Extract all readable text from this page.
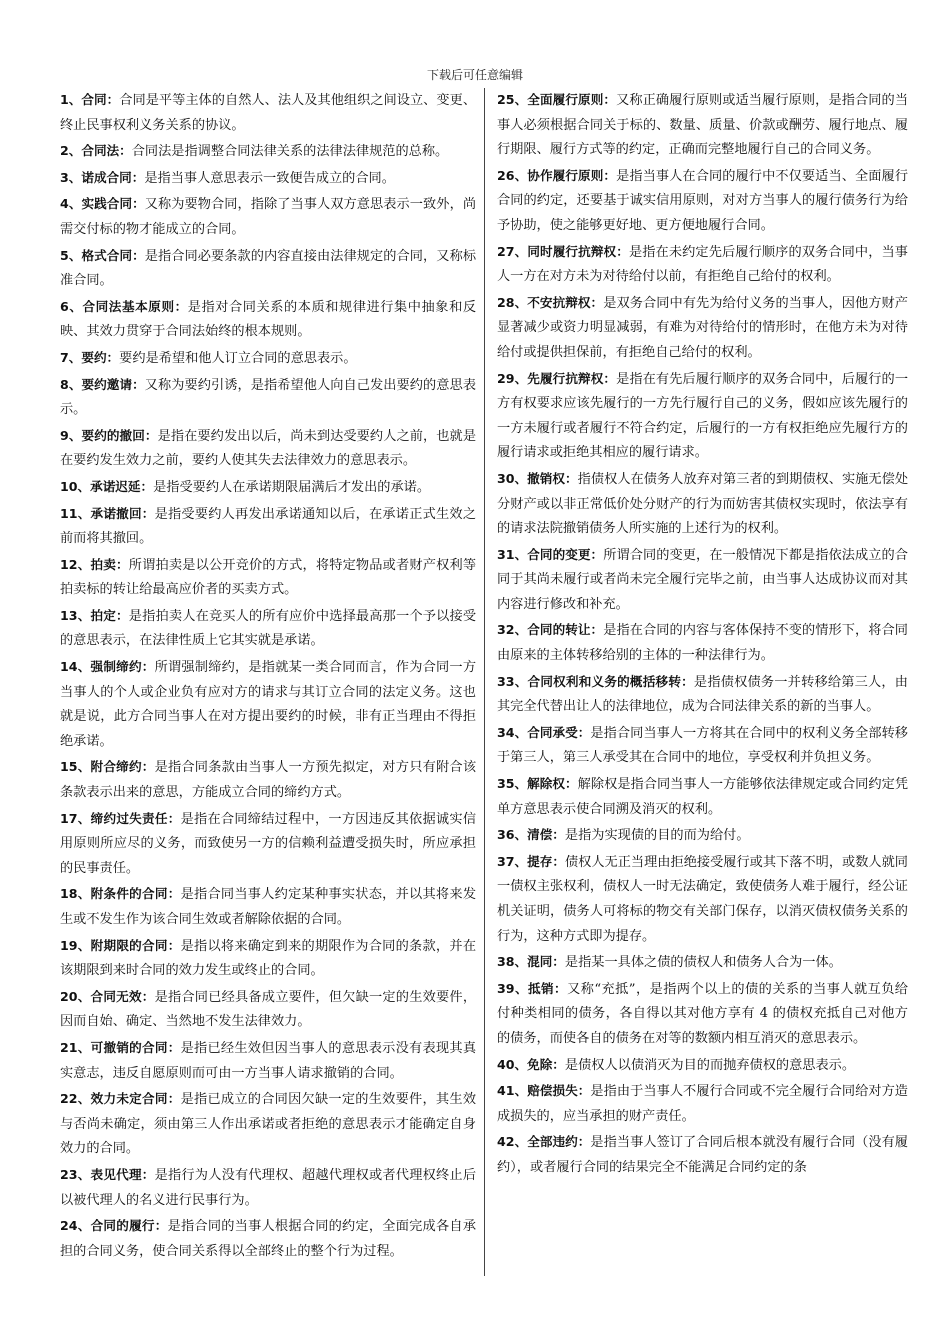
下载后可任意编辑

1、合同：合同是平等主体的自然人、法人及其他组织之间设立、变更、终止民事权利义务关系的协议。

2、合同法：合同法是指调整合同法律关系的法律法律规范的总称。

3、诺成合同：是指当事人意思表示一致便告成立的合同。

4、实践合同：又称为要物合同，指除了当事人双方意思表示一致外，尚需交付标的物才能成立的合同。

5、格式合同：是指合同必要条款的内容直接由法律规定的合同，又称标准合同。

6、合同法基本原则：是指对合同关系的本质和规律进行集中抽象和反映、其效力贯穿于合同法始终的根本规则。

7、要约：要约是希望和他人订立合同的意思表示。

8、要约邀请：又称为要约引诱，是指希望他人向自己发出要约的意思表示。

9、要约的撤回：是指在要约发出以后，尚未到达受要约人之前，也就是在要约发生效力之前，要约人使其失去法律效力的意思表示。

10、承诺迟延：是指受要约人在承诺期限届满后才发出的承诺。

11、承诺撤回：是指受要约人再发出承诺通知以后，在承诺正式生效之前而将其撤回。

12、拍卖：所谓拍卖是以公开竞价的方式，将特定物品或者财产权利等拍卖标的转让给最高应价者的买卖方式。

13、拍定：是指拍卖人在竞买人的所有应价中选择最高那一个予以接受的意思表示，在法律性质上它其实就是承诺。

14、强制缔约：所谓强制缔约，是指就某一类合同而言，作为合同一方当事人的个人或企业负有应对方的请求与其订立合同的法定义务。这也就是说，此方合同当事人在对方提出要约的时候，非有正当理由不得拒绝承诺。

15、附合缔约：是指合同条款由当事人一方预先拟定，对方只有附合该条款表示出来的意思，方能成立合同的缔约方式。

17、缔约过失责任：是指在合同缔结过程中，一方因违反其依据诚实信用原则所应尽的义务，而致使另一方的信赖利益遭受损失时，所应承担的民事责任。

18、附条件的合同：是指合同当事人约定某种事实状态，并以其将来发生或不发生作为该合同生效或者解除依据的合同。

19、附期限的合同：是指以将来确定到来的期限作为合同的条款，并在该期限到来时合同的效力发生或终止的合同。

20、合同无效：是指合同已经具备成立要件，但欠缺一定的生效要件，因而自始、确定、当然地不发生法律效力。

21、可撤销的合同：是指已经生效但因当事人的意思表示没有表现其真实意志，违反自愿原则而可由一方当事人请求撤销的合同。

22、效力未定合同：是指已成立的合同因欠缺一定的生效要件，其生效与否尚未确定，须由第三人作出承诺或者拒绝的意思表示才能确定自身效力的合同。

23、表见代理：是指行为人没有代理权、超越代理权或者代理权终止后以被代理人的名义进行民事行为。

24、合同的履行：是指合同的当事人根据合同的约定，全面完成各自承担的合同义务，使合同关系得以全部终止的整个行为过程。

25、全面履行原则：又称正确履行原则或适当履行原则，是指合同的当事人必须根据合同关于标的、数量、质量、价款或酬劳、履行地点、履行期限、履行方式等的约定，正确而完整地履行自己的合同义务。

26、协作履行原则：是指当事人在合同的履行中不仅要适当、全面履行合同的约定，还要基于诚实信用原则，对对方当事人的履行债务行为给予协助，使之能够更好地、更方便地履行合同。

27、同时履行抗辩权：是指在未约定先后履行顺序的双务合同中，当事人一方在对方未为对待给付以前，有拒绝自己给付的权利。

28、不安抗辩权：是双务合同中有先为给付义务的当事人，因他方财产显著减少或资力明显减弱，有难为对待给付的情形时，在他方未为对待给付或提供担保前，有拒绝自己给付的权利。

29、先履行抗辩权：是指在有先后履行顺序的双务合同中，后履行的一方有权要求应该先履行的一方先行履行自己的义务，假如应该先履行的一方未履行或者履行不符合约定，后履行的一方有权拒绝应先履行方的履行请求或拒绝其相应的履行请求。

30、撤销权：指债权人在债务人放弃对第三者的到期债权、实施无偿处分财产或以非正常低价处分财产的行为而妨害其债权实现时，依法享有的请求法院撤销债务人所实施的上述行为的权利。

31、合同的变更：所谓合同的变更，在一般情况下都是指依法成立的合同于其尚未履行或者尚未完全履行完毕之前，由当事人达成协议而对其内容进行修改和补充。

32、合同的转让：是指在合同的内容与客体保持不变的情形下，将合同由原来的主体转移给别的主体的一种法律行为。

33、合同权利和义务的概括移转：是指债权债务一并转移给第三人，由其完全代替出让人的法律地位，成为合同法律关系的新的当事人。

34、合同承受：是指合同当事人一方将其在合同中的权利义务全部转移于第三人，第三人承受其在合同中的地位，享受权利并负担义务。

35、解除权：解除权是指合同当事人一方能够依法律规定或合同约定凭单方意思表示使合同溯及消灭的权利。

36、清偿：是指为实现债的目的而为给付。

37、提存：债权人无正当理由拒绝接受履行或其下落不明，或数人就同一债权主张权利，债权人一时无法确定，致使债务人难于履行，经公证机关证明，债务人可将标的物交有关部门保存，以消灭债权债务关系的行为，这种方式即为提存。

38、混同：是指某一具体之债的债权人和债务人合为一体。

39、抵销：又称“充抵”，是指两个以上的债的关系的当事人就互负给付种类相同的债务，各自得以其对他方享有 4 的债权充抵自己对他方的债务，而使各自的债务在对等的数额内相互消灭的意思表示。

40、免除：是债权人以债消灭为目的而抛弃债权的意思表示。

41、赔偿损失：是指由于当事人不履行合同或不完全履行合同给对方造成损失的，应当承担的财产责任。

42、全部违约：是指当事人签订了合同后根本就没有履行合同（没有履约），或者履行合同的结果完全不能满足合同约定的条
